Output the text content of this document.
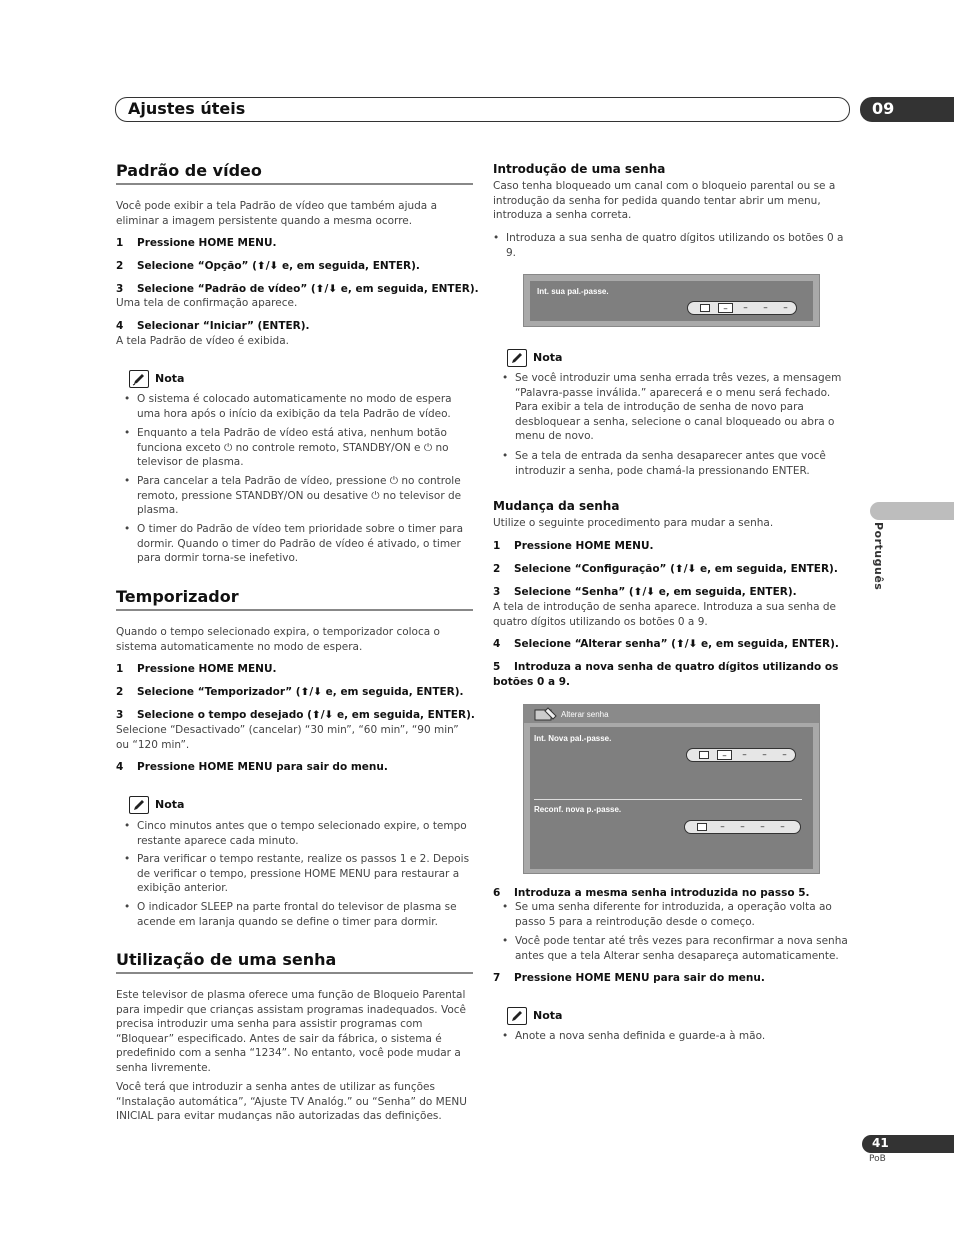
Ajustes úteis	09
Português
41
PoB
Padrão de vídeo
Você pode exibir a tela Padrão de vídeo que também ajuda a eliminar a imagem persistente quando a mesma ocorre.
1 Pressione HOME MENU.
2 Selecione “Opção” (⬆/⬇ e, em seguida, ENTER).
3 Selecione “Padrão de vídeo” (⬆/⬇ e, em seguida, ENTER).
Uma tela de confirmação aparece.
4 Selecionar “Iniciar” (ENTER).
A tela Padrão de vídeo é exibida.
Nota
• O sistema é colocado automaticamente no modo de espera uma hora após o início da exibição da tela Padrão de vídeo.
• Enquanto a tela Padrão de vídeo está ativa, nenhum botão funciona exceto ⏻ no controle remoto, STANDBY/ON e ⏻ no televisor de plasma.
• Para cancelar a tela Padrão de vídeo, pressione ⏻ no controle remoto, pressione STANDBY/ON ou desative ⏻ no televisor de plasma.
• O timer do Padrão de vídeo tem prioridade sobre o timer para dormir. Quando o timer do Padrão de vídeo é ativado, o timer para dormir torna-se inefetivo.
Temporizador
Quando o tempo selecionado expira, o temporizador coloca o sistema automaticamente no modo de espera.
1 Pressione HOME MENU.
2 Selecione “Temporizador” (⬆/⬇ e, em seguida, ENTER).
3 Selecione o tempo desejado (⬆/⬇ e, em seguida, ENTER).
Selecione “Desactivado” (cancelar) “30 min”, “60 min”, “90 min” ou “120 min”.
4 Pressione HOME MENU para sair do menu.
Nota
• Cinco minutos antes que o tempo selecionado expire, o tempo restante aparece cada minuto.
• Para verificar o tempo restante, realize os passos 1 e 2. Depois de verificar o tempo, pressione HOME MENU para restaurar a exibição anterior.
• O indicador SLEEP na parte frontal do televisor de plasma se acende em laranja quando se define o timer para dormir.
Utilização de uma senha
Este televisor de plasma oferece uma função de Bloqueio Parental para impedir que crianças assistam programas inadequados. Você precisa introduzir uma senha para assistir programas com “Bloquear” especificado. Antes de sair da fábrica, o sistema é predefinido com a senha “1234”. No entanto, você pode mudar a senha livremente.
Você terá que introduzir a senha antes de utilizar as funções “Instalação automática”, “Ajuste TV Analóg.” ou “Senha” do MENU INICIAL para evitar mudanças não autorizadas das definições.
Introdução de uma senha
Caso tenha bloqueado um canal com o bloqueio parental ou se a introdução da senha for pedida quando tentar abrir um menu, introduza a senha correta.
• Introduza a sua senha de quatro dígitos utilizando os botões 0 a 9.
Int. sua pal.-passe.
–	–	–	–
Nota
• Se você introduzir uma senha errada três vezes, a mensagem “Palavra-passe inválida.” aparecerá e o menu será fechado. Para exibir a tela de introdução de senha de novo para desbloquear a senha, selecione o canal bloqueado ou abra o menu de novo.
• Se a tela de entrada da senha desaparecer antes que você introduzir a senha, pode chamá-la pressionando ENTER.
Mudança da senha
Utilize o seguinte procedimento para mudar a senha.
1 Pressione HOME MENU.
2 Selecione “Configuração” (⬆/⬇ e, em seguida, ENTER).
3 Selecione “Senha” (⬆/⬇ e, em seguida, ENTER).
A tela de introdução de senha aparece. Introduza a sua senha de quatro dígitos utilizando os botões 0 a 9.
4 Selecione “Alterar senha” (⬆/⬇ e, em seguida, ENTER).
5 Introduza a nova senha de quatro dígitos utilizando os botões 0 a 9.
Alterar senha
Int. Nova pal.-passe.
–	–	–	–
Reconf. nova p.-passe.
–	–	–	–
6 Introduza a mesma senha introduzida no passo 5.
• Se uma senha diferente for introduzida, a operação volta ao passo 5 para a reintrodução desde o começo.
• Você pode tentar até três vezes para reconfirmar a nova senha antes que a tela Alterar senha desapareça automaticamente.
7 Pressione HOME MENU para sair do menu.
Nota
• Anote a nova senha definida e guarde-a à mão.
